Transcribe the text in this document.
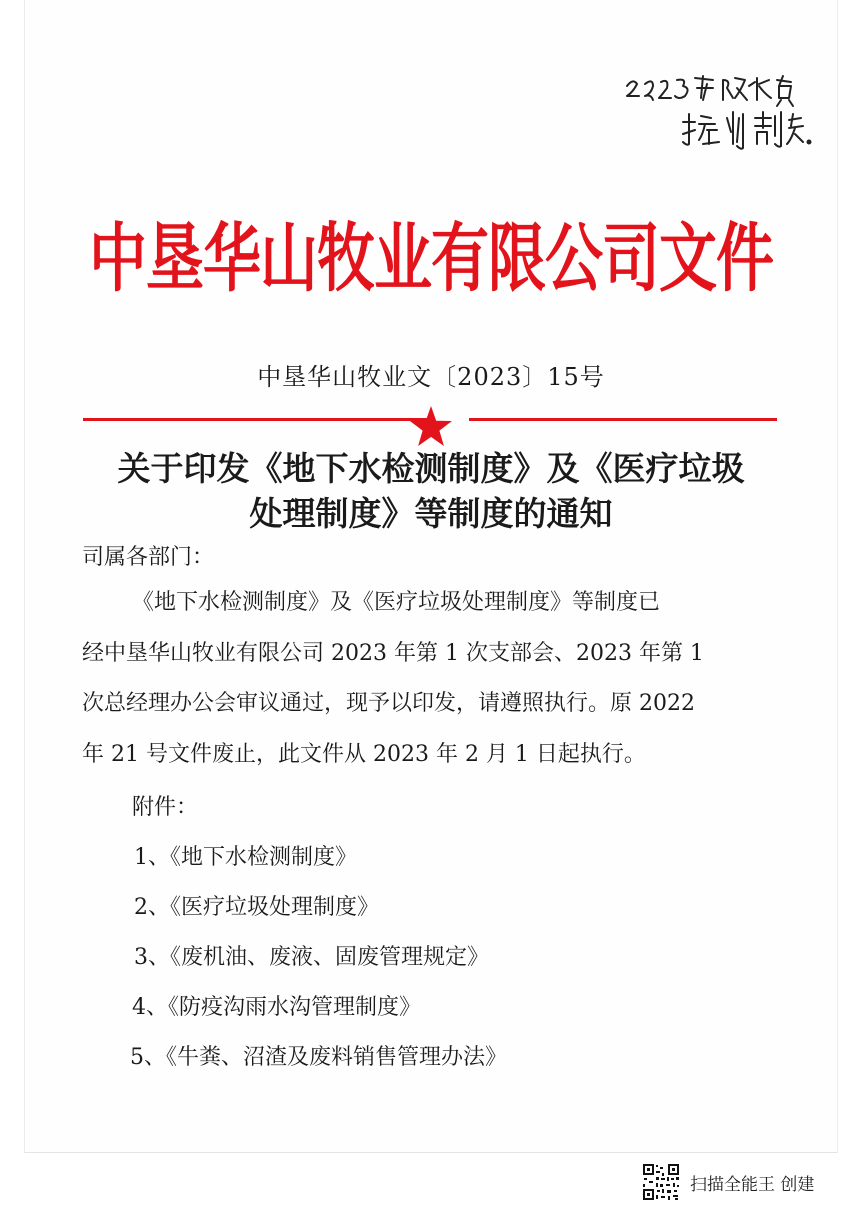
中垦华山牧业有限公司文件
中垦华山牧业文〔2023〕15号
关于印发《地下水检测制度》及《医疗垃圾
处理制度》等制度的通知
司属各部门：
《地下水检测制度》及《医疗垃圾处理制度》等制度已
经中垦华山牧业有限公司 2023 年第 1 次支部会、2023 年第 1
次总经理办公会审议通过，现予以印发，请遵照执行。原 2022
年 21 号文件废止，此文件从 2023 年 2 月 1 日起执行。
附件：
1、《地下水检测制度》
2、《医疗垃圾处理制度》
3、《废机油、废液、固废管理规定》
4、《防疫沟雨水沟管理制度》
5、《牛粪、沼渣及废料销售管理办法》
扫描全能王 创建
